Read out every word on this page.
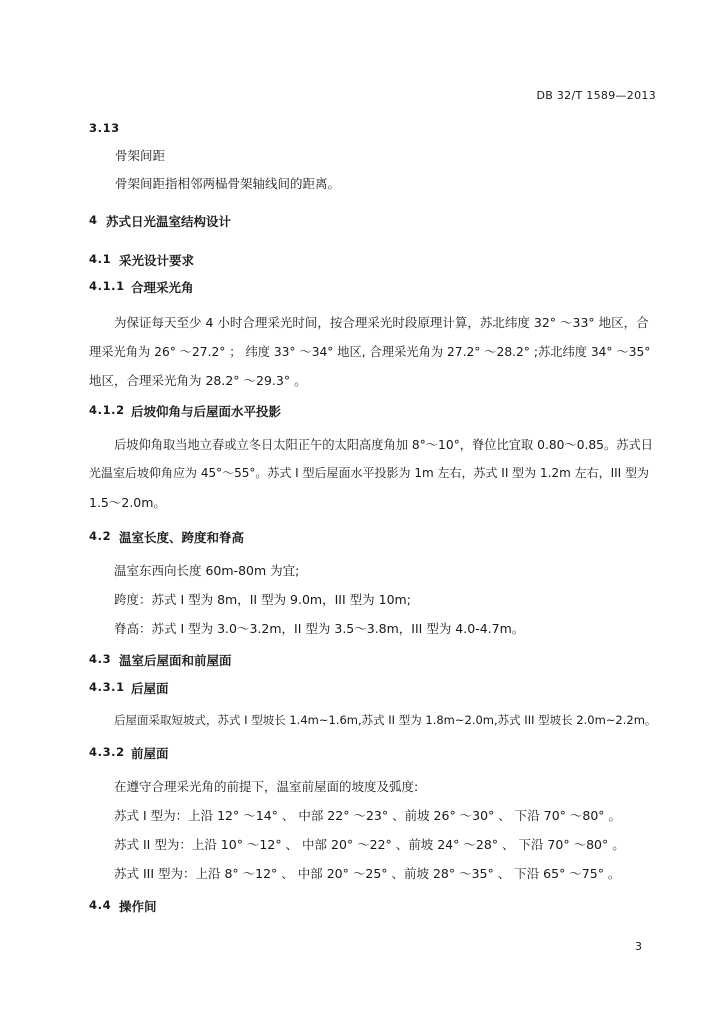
DB 32/T 1589—2013

3.13

骨架间距

骨架间距指相邻两榀骨架轴线间的距离。

4 苏式日光温室结构设计

4.1 采光设计要求

4.1.1 合理采光角

为保证每天至少 4 小时合理采光时间，按合理采光时段原理计算，苏北纬度 32° ～33° 地区，合

理采光角为 26° ～27.2° ； 纬度 33° ～34° 地区, 合理采光角为 27.2° ～28.2° ;苏北纬度 34° ～35°

地区，合理采光角为 28.2° ～29.3° 。

4.1.2 后坡仰角与后屋面水平投影

后坡仰角取当地立春或立冬日太阳正午的太阳高度角加 8°～10°，脊位比宜取 0.80～0.85。苏式日

光温室后坡仰角应为 45°～55°。苏式 I 型后屋面水平投影为 1m 左右，苏式 II 型为 1.2m 左右，III 型为

1.5～2.0m。

4.2 温室长度、跨度和脊高

温室东西向长度 60m-80m 为宜;

跨度：苏式 I 型为 8m，II 型为 9.0m，III 型为 10m;

脊高：苏式 I 型为 3.0～3.2m，II 型为 3.5～3.8m，III 型为 4.0-4.7m。

4.3 温室后屋面和前屋面

4.3.1 后屋面

后屋面采取短坡式，苏式 I 型坡长 1.4m~1.6m,苏式 II 型为 1.8m~2.0m,苏式 III 型坡长 2.0m~2.2m。

4.3.2 前屋面

在遵守合理采光角的前提下，温室前屋面的坡度及弧度:

苏式 I 型为：上沿 12° ～14° 、 中部 22° ～23° 、前坡 26° ～30° 、 下沿 70° ～80° 。

苏式 II 型为：上沿 10° ～12° 、 中部 20° ～22° 、前坡 24° ～28° 、 下沿 70° ～80° 。

苏式 III 型为：上沿 8° ～12° 、 中部 20° ～25° 、前坡 28° ～35° 、 下沿 65° ～75° 。

4.4 操作间

3
